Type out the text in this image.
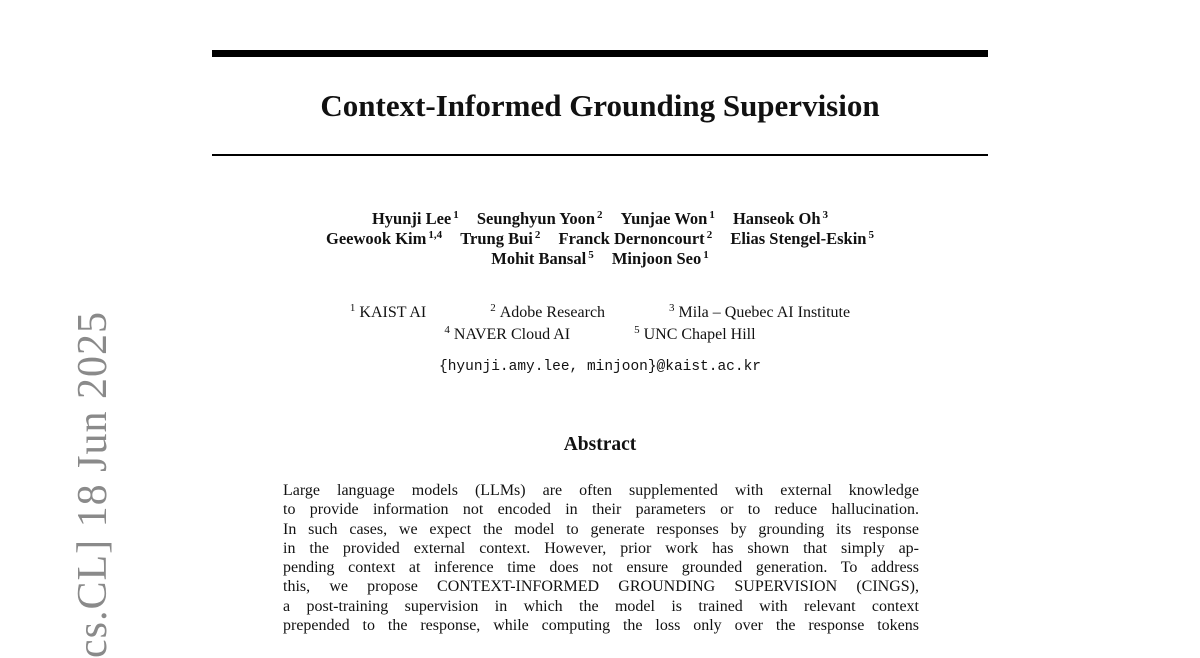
Context-Informed Grounding Supervision
Hyunji Lee $^1$ Seunghyun Yoon $^2$ Yunjae Won $^1$ Hanseok Oh $^3$
Geewook Kim $^{1,4}$ Trung Bui $^2$ Franck Dernoncourt $^2$ Elias Stengel-Eskin $^5$
Mohit Bansal $^5$ Minjoon Seo $^1$
$^1$ KAIST AI	$^2$ Adobe Research	$^3$ Mila – Quebec AI Institute
$^4$ NAVER Cloud AI	$^5$ UNC Chapel Hill
{hyunji.amy.lee, minjoon}@kaist.ac.kr
Abstract
Large language models (LLMs) are often supplemented with external knowledge
to provide information not encoded in their parameters or to reduce hallucination.
In such cases, we expect the model to generate responses by grounding its response
in the provided external context. However, prior work has shown that simply ap-
pending context at inference time does not ensure grounded generation. To address
this, we propose CONTEXT-INFORMED GROUNDING SUPERVISION (CINGS),
a post-training supervision in which the model is trained with relevant context
prepended to the response, while computing the loss only over the response tokens
cs.CL] 18 Jun 2025
